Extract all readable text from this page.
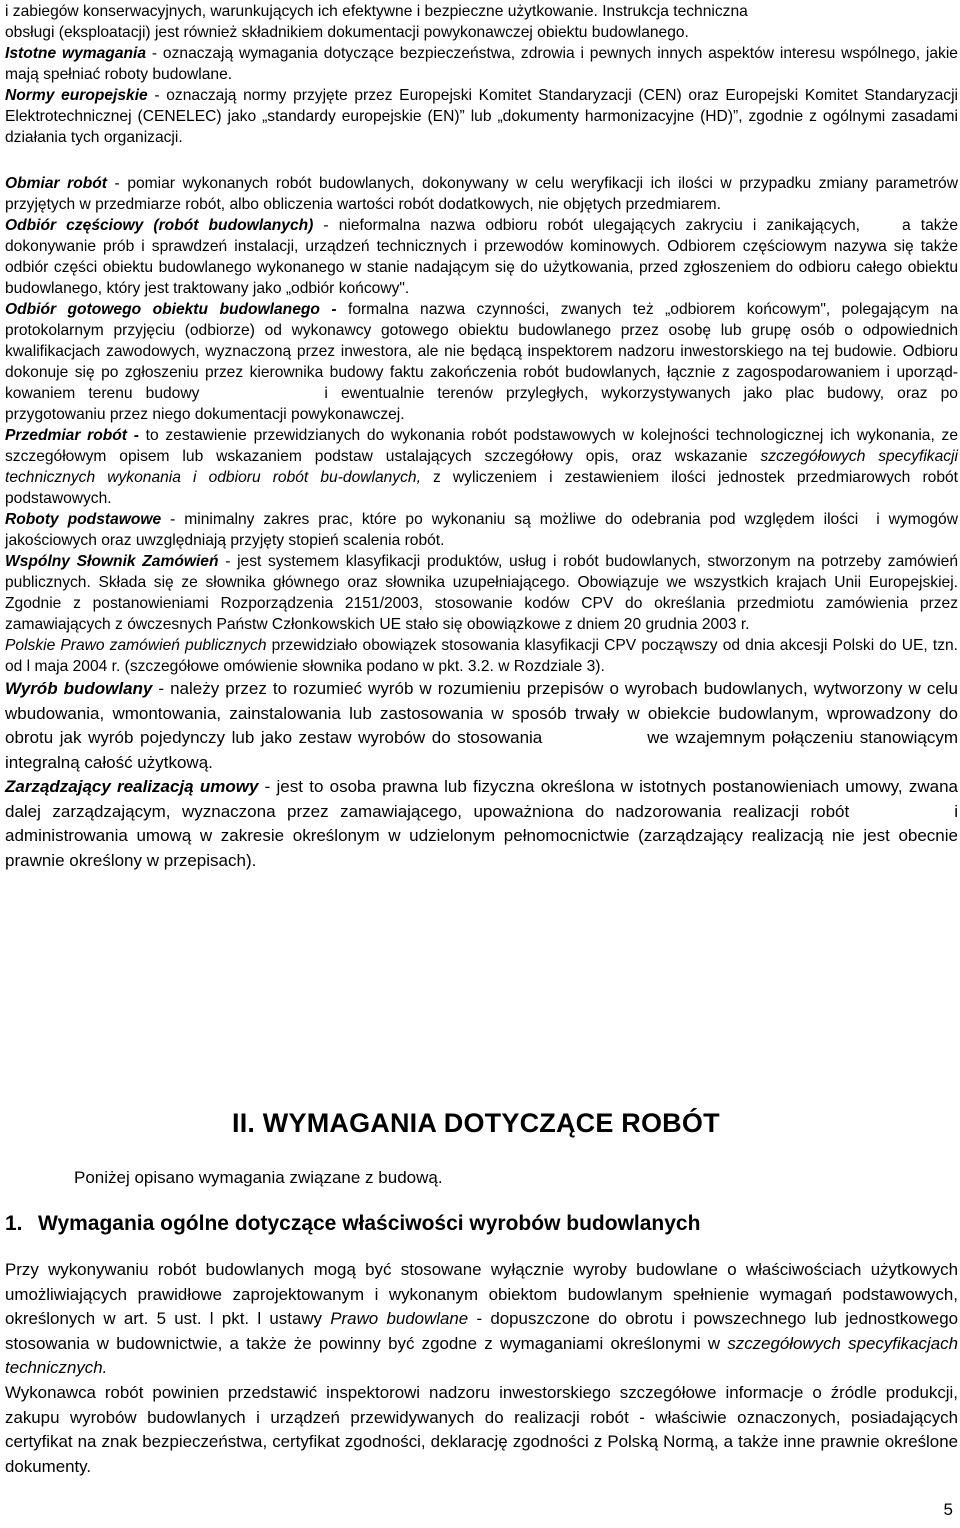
i zabiegów konserwacyjnych, warunkujących ich efektywne i bezpieczne użytkowanie. Instrukcja techniczna

obsługi (eksploatacji) jest również składnikiem dokumentacji powykonawczej obiektu budowlanego.

Istotne wymagania - oznaczają wymagania dotyczące bezpieczeństwa, zdrowia i pewnych innych aspektów interesu wspólnego, jakie mają spełniać roboty budowlane.

Normy europejskie - oznaczają normy przyjęte przez Europejski Komitet Standaryzacji (CEN) oraz Europejski Komitet Standaryzacji Elektrotechnicznej (CENELEC) jako „standardy europejskie (EN)” lub „dokumenty harmonizacyjne (HD)”, zgodnie z ogólnymi zasadami działania tych organizacji.

Obmiar robót - pomiar wykonanych robót budowlanych, dokonywany w celu weryfikacji ich ilości w przypadku zmiany parametrów przyjętych w przedmiarze robót, albo obliczenia wartości robót dodatkowych, nie objętych przedmiarem.

Odbiór częściowy (robót budowlanych) - nieformalna nazwa odbioru robót ulegających zakryciu i zanikających,	a także dokonywanie prób i sprawdzeń instalacji, urządzeń technicznych i przewodów kominowych. Odbiorem częściowym nazywa się także odbiór części obiektu budowlanego wykonanego w stanie nadającym się do użytkowania, przed zgłoszeniem do odbioru całego obiektu budowlanego, który jest traktowany jako „odbiór końcowy".

Odbiór gotowego obiektu budowlanego - formalna nazwa czynności, zwanych też „odbiorem końcowym", polegającym na protokolarnym przyjęciu (odbiorze) od wykonawcy gotowego obiektu budowlanego przez osobę lub grupę osób o odpowiednich kwalifikacjach zawodowych, wyznaczoną przez inwestora, ale nie będącą inspektorem nadzoru inwestorskiego na tej budowie. Odbioru dokonuje się po zgłoszeniu przez kierownika budowy faktu zakończenia robót budowlanych, łącznie z zagospodarowaniem i uporząd-kowaniem terenu budowy	i ewentualnie terenów przyległych, wykorzystywanych jako plac budowy, oraz po przygotowaniu przez niego dokumentacji powykonawczej.

Przedmiar robót - to zestawienie przewidzianych do wykonania robót podstawowych w kolejności technologicznej ich wykonania, ze szczegółowym opisem lub wskazaniem podstaw ustalających szczegółowy opis, oraz wskazanie szczegółowych specyfikacji technicznych wykonania i odbioru robót bu-dowlanych, z wyliczeniem i zestawieniem ilości jednostek przedmiarowych robót podstawowych.

Roboty podstawowe - minimalny zakres prac, które po wykonaniu są możliwe do odebrania pod względem ilości i wymogów jakościowych oraz uwzględniają przyjęty stopień scalenia robót.

Wspólny Słownik Zamówień - jest systemem klasyfikacji produktów, usług i robót budowlanych, stworzonym na potrzeby zamówień publicznych. Składa się ze słownika głównego oraz słownika uzupełniającego. Obowiązuje we wszystkich krajach Unii Europejskiej. Zgodnie z postanowieniami Rozporządzenia 2151/2003, stosowanie kodów CPV do określania przedmiotu zamówienia przez zamawiających z ówczesnych Państw Członkowskich UE stało się obowiązkowe z dniem 20 grudnia 2003 r.

Polskie Prawo zamówień publicznych przewidziało obowiązek stosowania klasyfikacji CPV począwszy od dnia akcesji Polski do UE, tzn. od l maja 2004 r. (szczegółowe omówienie słownika podano w pkt. 3.2. w Rozdziale 3).

Wyrób budowlany - należy przez to rozumieć wyrób w rozumieniu przepisów o wyrobach budowlanych, wytworzony w celu wbudowania, wmontowania, zainstalowania lub zastosowania w sposób trwały w obiekcie budowlanym, wprowadzony do obrotu jak wyrób pojedynczy lub jako zestaw wyrobów do stosowania	we wzajemnym połączeniu stanowiącym integralną całość użytkową.

Zarządzający realizacją umowy - jest to osoba prawna lub fizyczna określona w istotnych postanowieniach umowy, zwana dalej zarządzającym, wyznaczona przez zamawiającego, upoważniona do nadzorowania realizacji robót	i administrowania umową w zakresie określonym w udzielonym pełnomocnictwie (zarządzający realizacją nie jest obecnie prawnie określony w przepisach).

II. WYMAGANIA DOTYCZĄCE ROBÓT

Poniżej opisano wymagania związane z budową.

1. Wymagania ogólne dotyczące właściwości wyrobów budowlanych

Przy wykonywaniu robót budowlanych mogą być stosowane wyłącznie wyroby budowlane o właściwościach użytkowych umożliwiających prawidłowe zaprojektowanym i wykonanym obiektom budowlanym spełnienie wymagań podstawowych, określonych w art. 5 ust. l pkt. l ustawy Prawo budowlane - dopuszczone do obrotu i powszechnego lub jednostkowego stosowania w budownictwie, a także że powinny być zgodne z wymaganiami określonymi w szczegółowych specyfikacjach technicznych.

Wykonawca robót powinien przedstawić inspektorowi nadzoru inwestorskiego szczegółowe informacje o źródle produkcji, zakupu wyrobów budowlanych i urządzeń przewidywanych do realizacji robót - właściwie oznaczonych, posiadających certyfikat na znak bezpieczeństwa, certyfikat zgodności, deklarację zgodności z Polską Normą, a także inne prawnie określone dokumenty.

5
